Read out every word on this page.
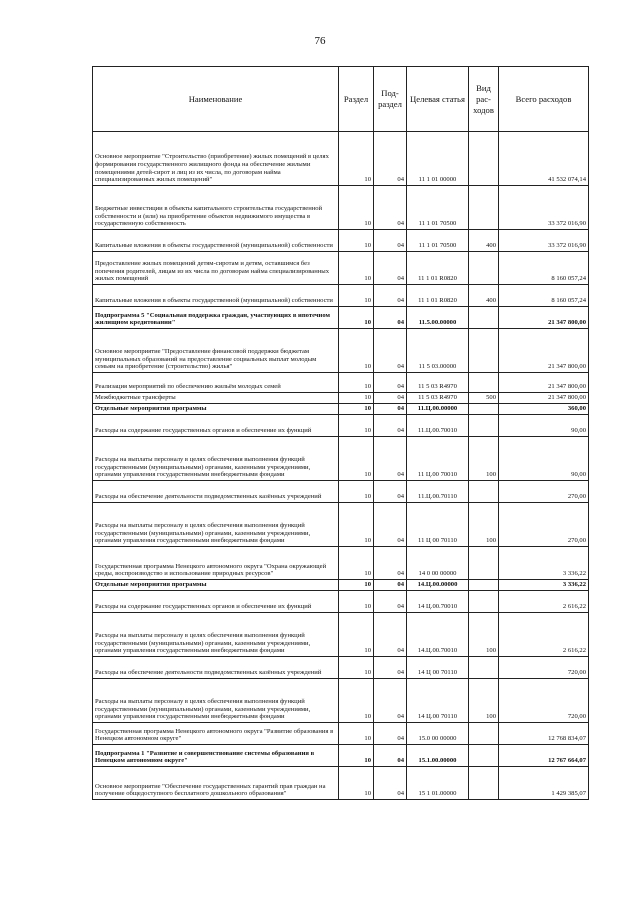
76
Наименование	Раздел	Под-раздел	Целевая статья	Вид рас-ходов	Всего расходов
Основное мероприятие "Строительство (приобретение) жилых помещений в целях формирования государственного жилищного фонда на обеспечение жилыми помещениями детей-сирот и лиц из их числа, по договорам найма специализированных жилых помещений"	10	04	11 1 01 00000		41 532 074,14
Бюджетные инвестиции в объекты капитального строительства государственной собственности и (или) на приобретение объектов недвижимого имущества в государственную собственность	10	04	11 1 01 70500		33 372 016,90
Капитальные вложения в объекты государственной (муниципальной) собственности	10	04	11 1 01 70500	400	33 372 016,90
Предоставление жилых помещений детям-сиротам и детям, оставшимся без попечения родителей, лицам из их числа по договорам найма специализированных жилых помещений	10	04	11 1 01 R0820		8 160 057,24
Капитальные вложения в объекты государственной (муниципальной) собственности	10	04	11 1 01 R0820	400	8 160 057,24
Подпрограмма 5 "Социальная поддержка граждан, участвующих в ипотечном жилищном кредитовании"	10	04	11.5.00.00000		21 347 800,00
Основное мероприятие "Предоставление финансовой поддержки бюджетам муниципальных образований на предоставление социальных выплат молодым семьям на приобретение (строительство) жилья"	10	04	11 5 03.00000		21 347 800,00
Реализация мероприятий по обеспечению жильём молодых семей	10	04	11 5 03 R4970		21 347 800,00
Межбюджетные трансферты	10	04	11 5 03 R4970	500	21 347 800,00
Отдельные мероприятия программы	10	04	11.Ц.00.00000		360,00
Расходы на содержание государственных органов и обеспечение их функций	10	04	11.Ц.00.70010		90,00
Расходы на выплаты персоналу в целях обеспечения выполнения функций государственными (муниципальными) органами, казенными учреждениями, органами управления государственными внебюджетными фондами	10	04	11 Ц.00 70010	100	90,00
Расходы на обеспечение деятельности подведомственных казённых учреждений	10	04	11.Ц.00.70110		270,00
Расходы на выплаты персоналу в целях обеспечения выполнения функций государственными (муниципальными) органами, казенными учреждениями, органами управления государственными внебюджетными фондами	10	04	11 Ц 00 70110	100	270,00
Государственная программа Ненецкого автономного округа "Охрана окружающей среды, воспроизводство и использование природных ресурсов"	10	04	14 0 00 00000		3 336,22
Отдельные мероприятия программы	10	04	14.Ц.00.00000		3 336,22
Расходы на содержание государственных органов и обеспечение их функций	10	04	14 Ц.00.70010		2 616,22
Расходы на выплаты персоналу в целях обеспечения выполнения функций государственными (муниципальными) органами, казенными учреждениями, органами управления государственными внебюджетными фондами	10	04	14.Ц.00.70010	100	2 616,22
Расходы на обеспечение деятельности подведомственных казённых учреждений	10	04	14 Ц 00 70110		720,00
Расходы на выплаты персоналу в целях обеспечения выполнения функций государственными (муниципальными) органами, казенными учреждениями, органами управления государственными внебюджетными фондами	10	04	14 Ц.00 70110	100	720,00
Государственная программа Ненецкого автономного округа "Развитие образования в Ненецком автономном округе"	10	04	15.0 00 00000		12 768 834,07
Подпрограмма 1 "Развитие и совершенствование системы образования в Ненецком автономном округе"	10	04	15.1.00.00000		12 767 664,07
Основное мероприятие "Обеспечение государственных гарантий прав граждан на получение общедоступного бесплатного дошкольного образования"	10	04	15 1 01.00000		1 429 385,07
